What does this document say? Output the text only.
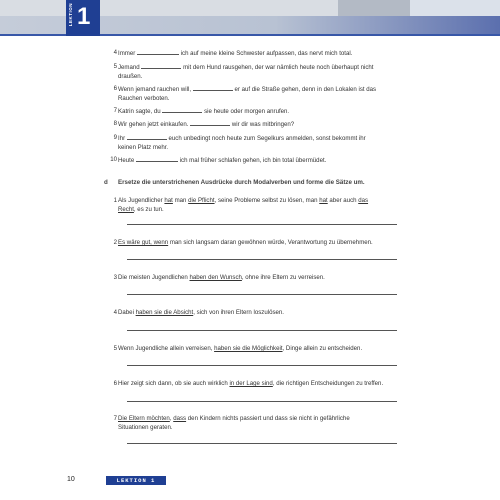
LEKTION 1
4 Immer	ich auf meine kleine Schwester aufpassen, das nervt mich total.
5 Jemand	mit dem Hund rausgehen, der war nämlich heute noch überhaupt nicht
draußen.
6 Wenn jemand rauchen will,	er auf die Straße gehen, denn in den Lokalen ist das
Rauchen verboten.
7 Katrin sagte, du	sie heute oder morgen anrufen.
8 Wir gehen jetzt einkaufen.	wir dir was mitbringen?
9 Ihr	euch unbedingt noch heute zum Segelkurs anmelden, sonst bekommt ihr
keinen Platz mehr.
10 Heute	ich mal früher schlafen gehen, ich bin total übermüdet.
d Ersetze die unterstrichenen Ausdrücke durch Modalverben und forme die Sätze um.
1 Als Jugendlicher hat man die Pflicht, seine Probleme selbst zu lösen, man hat aber auch das
Recht, es zu tun.
2 Es wäre gut, wenn man sich langsam daran gewöhnen würde, Verantwortung zu übernehmen.
3 Die meisten Jugendlichen haben den Wunsch, ohne ihre Eltern zu verreisen.
4 Dabei haben sie die Absicht, sich von ihren Eltern loszulösen.
5 Wenn Jugendliche allein verreisen, haben sie die Möglichkeit, Dinge allein zu entscheiden.
6 Hier zeigt sich dann, ob sie auch wirklich in der Lage sind, die richtigen Entscheidungen zu treffen.
7 Die Eltern möchten, dass den Kindern nichts passiert und dass sie nicht in gefährliche
Situationen geraten.
10	LEKTION 1
